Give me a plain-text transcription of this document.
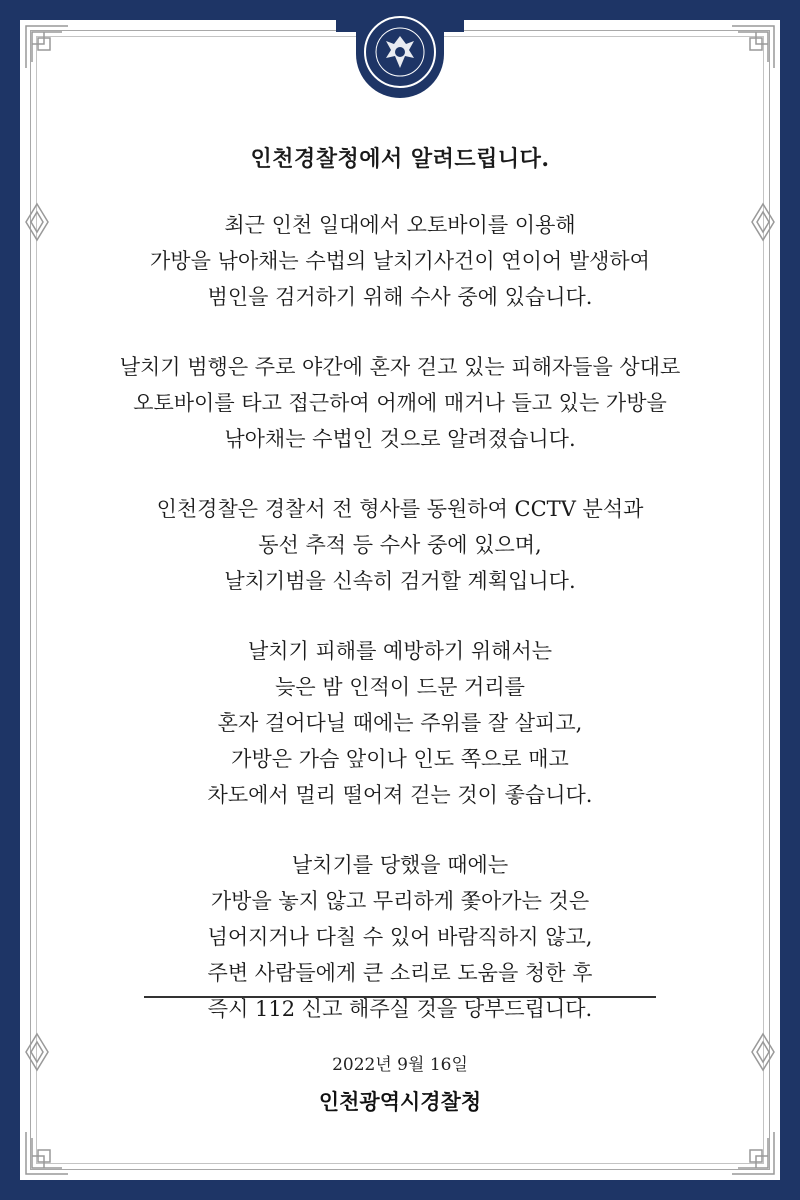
인천경찰청에서 알려드립니다.
최근 인천 일대에서 오토바이를 이용해
가방을 낚아채는 수법의 날치기사건이 연이어 발생하여
범인을 검거하기 위해 수사 중에 있습니다.
날치기 범행은 주로 야간에 혼자 걷고 있는 피해자들을 상대로
오토바이를 타고 접근하여 어깨에 매거나 들고 있는 가방을
낚아채는 수법인 것으로 알려졌습니다.
인천경찰은 경찰서 전 형사를 동원하여 CCTV 분석과
동선 추적 등 수사 중에 있으며,
날치기범을 신속히 검거할 계획입니다.
날치기 피해를 예방하기 위해서는
늦은 밤 인적이 드문 거리를
혼자 걸어다닐 때에는 주위를 잘 살피고,
가방은 가슴 앞이나 인도 쪽으로 매고
차도에서 멀리 떨어져 걷는 것이 좋습니다.
날치기를 당했을 때에는
가방을 놓지 않고 무리하게 쫓아가는 것은
넘어지거나 다칠 수 있어 바람직하지 않고,
주변 사람들에게 큰 소리로 도움을 청한 후
즉시 112 신고 해주실 것을 당부드립니다.
2022년 9월 16일
인천광역시경찰청
